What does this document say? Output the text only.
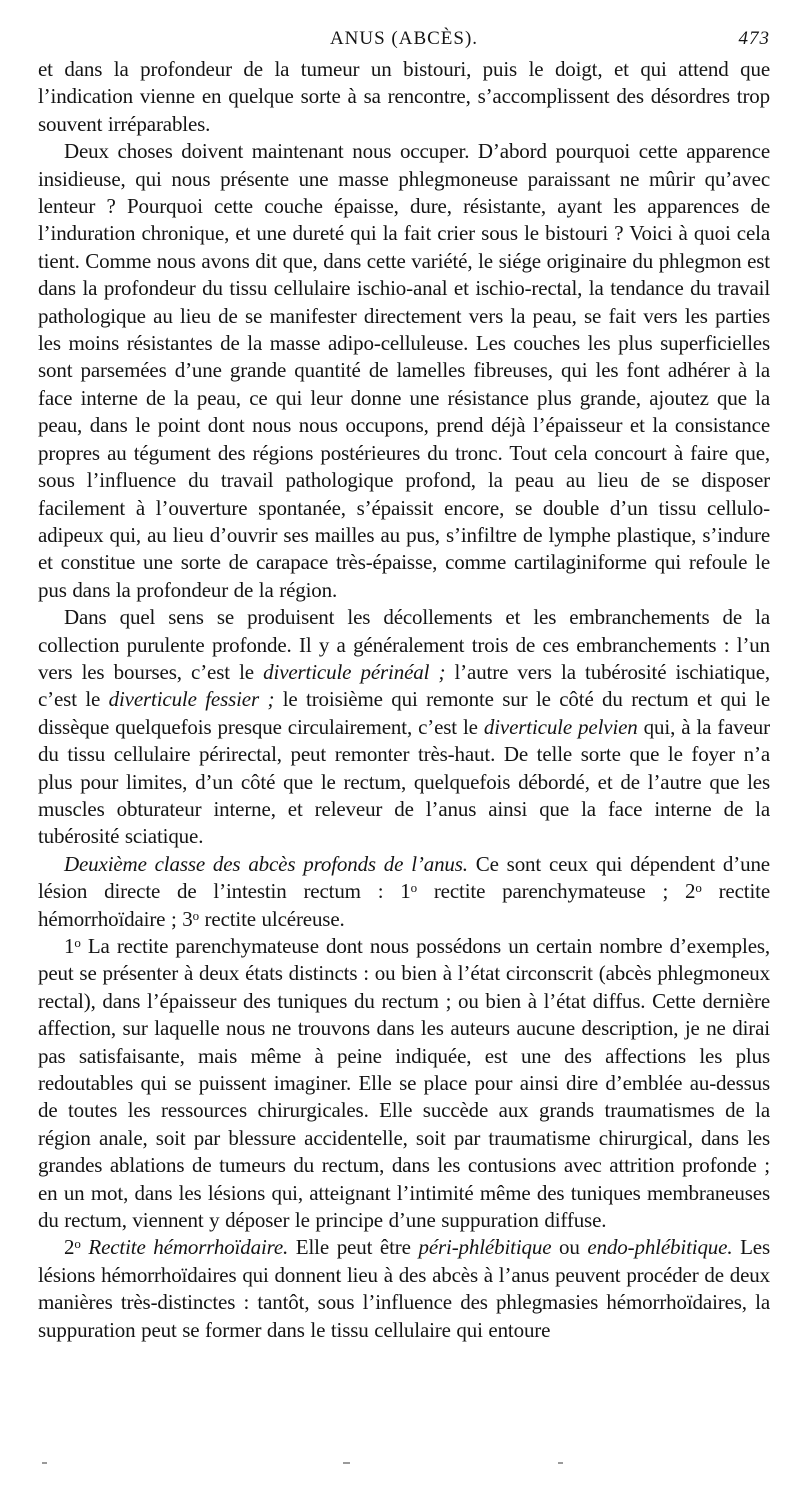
ANUS (ABCÈS).	473

et dans la profondeur de la tumeur un bistouri, puis le doigt, et qui attend que l’indication vienne en quelque sorte à sa rencontre, s’accomplissent des désordres trop souvent irréparables.

Deux choses doivent maintenant nous occuper. D’abord pourquoi cette apparence insidieuse, qui nous présente une masse phlegmoneuse paraissant ne mûrir qu’avec lenteur ? Pourquoi cette couche épaisse, dure, résistante, ayant les apparences de l’induration chronique, et une dureté qui la fait crier sous le bistouri ? Voici à quoi cela tient. Comme nous avons dit que, dans cette variété, le siége originaire du phlegmon est dans la profondeur du tissu cellulaire ischio-anal et ischio-rectal, la tendance du travail pathologique au lieu de se manifester directement vers la peau, se fait vers les parties les moins résistantes de la masse adipo-celluleuse. Les couches les plus superficielles sont parsemées d’une grande quantité de lamelles fibreuses, qui les font adhérer à la face interne de la peau, ce qui leur donne une résistance plus grande, ajoutez que la peau, dans le point dont nous nous occupons, prend déjà l’épaisseur et la consistance propres au tégument des régions postérieures du tronc. Tout cela concourt à faire que, sous l’influence du travail pathologique profond, la peau au lieu de se disposer facilement à l’ouverture spontanée, s’épaissit encore, se double d’un tissu cellulo-adipeux qui, au lieu d’ouvrir ses mailles au pus, s’infiltre de lymphe plastique, s’indure et constitue une sorte de carapace très-épaisse, comme cartilaginiforme qui refoule le pus dans la profondeur de la région.

Dans quel sens se produisent les décollements et les embranchements de la collection purulente profonde. Il y a généralement trois de ces embranchements : l’un vers les bourses, c’est le diverticule périnéal ; l’autre vers la tubérosité ischiatique, c’est le diverticule fessier ; le troisième qui remonte sur le côté du rectum et qui le dissèque quelquefois presque circulairement, c’est le diverticule pelvien qui, à la faveur du tissu cellulaire périrectal, peut remonter très-haut. De telle sorte que le foyer n’a plus pour limites, d’un côté que le rectum, quelquefois débordé, et de l’autre que les muscles obturateur interne, et releveur de l’anus ainsi que la face interne de la tubérosité sciatique.

Deuxième classe des abcès profonds de l’anus. Ce sont ceux qui dépendent d’une lésion directe de l’intestin rectum : 1$^o$ rectite parenchymateuse ; 2$^o$ rectite hémorrhoïdaire ; 3$^o$ rectite ulcéreuse.

1$^o$ La rectite parenchymateuse dont nous possédons un certain nombre d’exemples, peut se présenter à deux états distincts : ou bien à l’état circonscrit (abcès phlegmoneux rectal), dans l’épaisseur des tuniques du rectum ; ou bien à l’état diffus. Cette dernière affection, sur laquelle nous ne trouvons dans les auteurs aucune description, je ne dirai pas satisfaisante, mais même à peine indiquée, est une des affections les plus redoutables qui se puissent imaginer. Elle se place pour ainsi dire d’emblée au-dessus de toutes les ressources chirurgicales. Elle succède aux grands traumatismes de la région anale, soit par blessure accidentelle, soit par traumatisme chirurgical, dans les grandes ablations de tumeurs du rectum, dans les contusions avec attrition profonde ; en un mot, dans les lésions qui, atteignant l’intimité même des tuniques membraneuses du rectum, viennent y déposer le principe d’une suppuration diffuse.

2$^o$ Rectite hémorrhoïdaire. Elle peut être péri-phlébitique ou endo-phlébitique. Les lésions hémorrhoïdaires qui donnent lieu à des abcès à l’anus peuvent procéder de deux manières très-distinctes : tantôt, sous l’influence des phlegmasies hémorrhoïdaires, la suppuration peut se former dans le tissu cellulaire qui entoure
